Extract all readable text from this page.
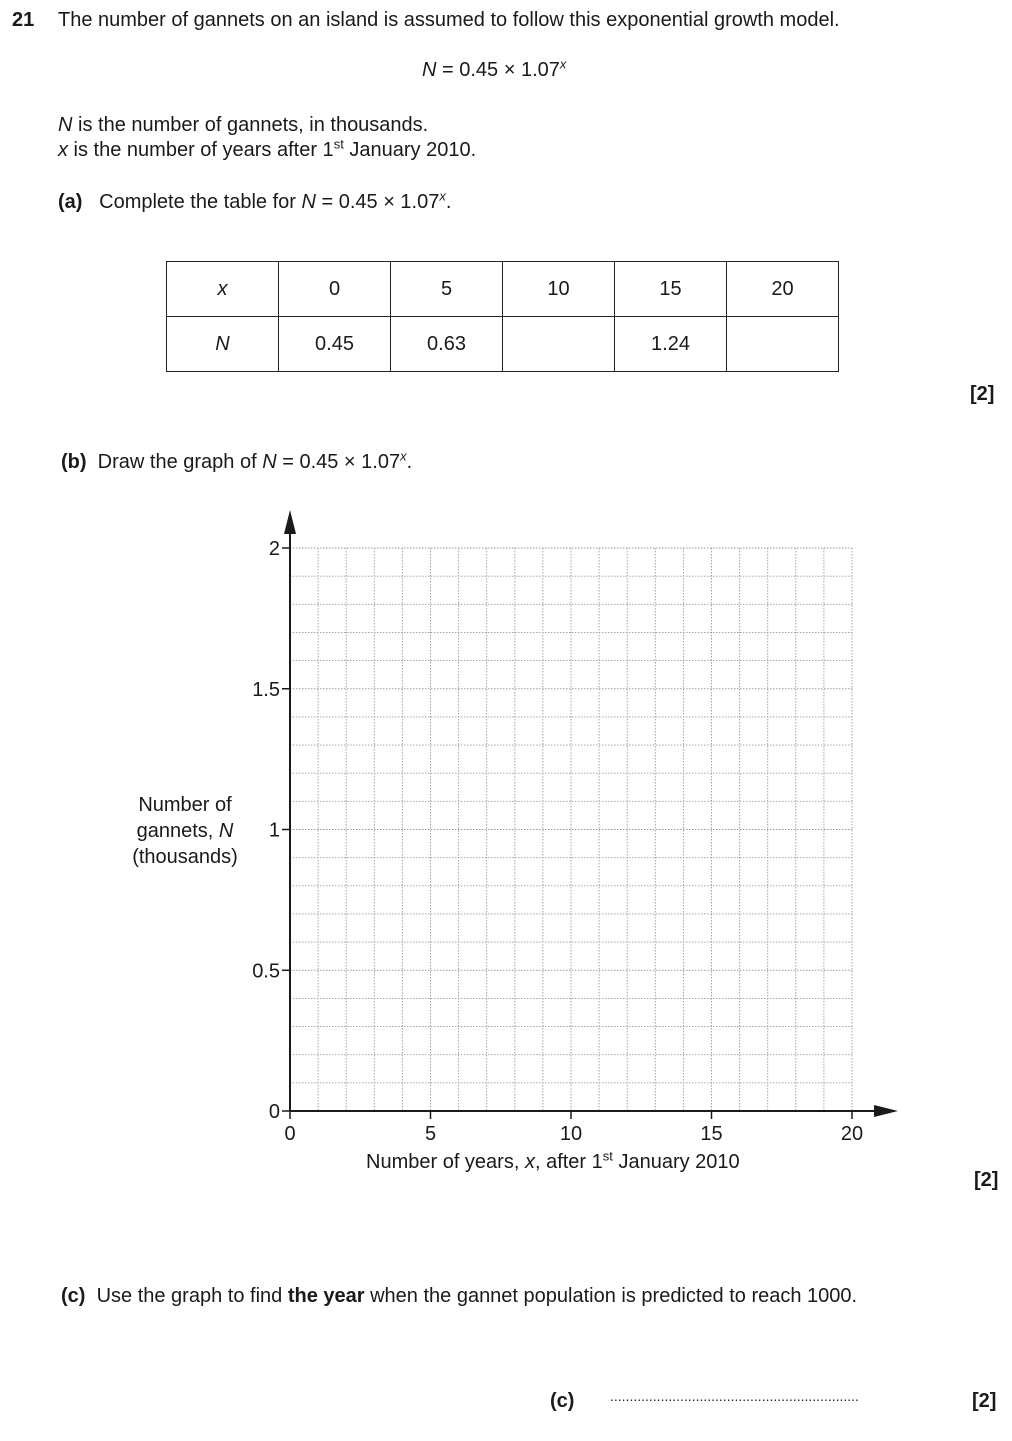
21 The number of gannets on an island is assumed to follow this exponential growth model.
$N = 0.45 \times 1.07^x$
N is the number of gannets, in thousands.
x is the number of years after 1st January 2010.
(a) Complete the table for $N = 0.45 \times 1.07^x$.
x	0	5	10	15	20
N	0.45	0.63		1.24	
[2]
(b) Draw the graph of $N = 0.45 \times 1.07^x$.
Number of
gannets, N
(thousands)
0	5	10	15	20
0
0.5
1
1.5
2
Number of years, x, after 1st January 2010
[2]
(c) Use the graph to find the year when the gannet population is predicted to reach 1000.
(c)	................................................................	[2]
